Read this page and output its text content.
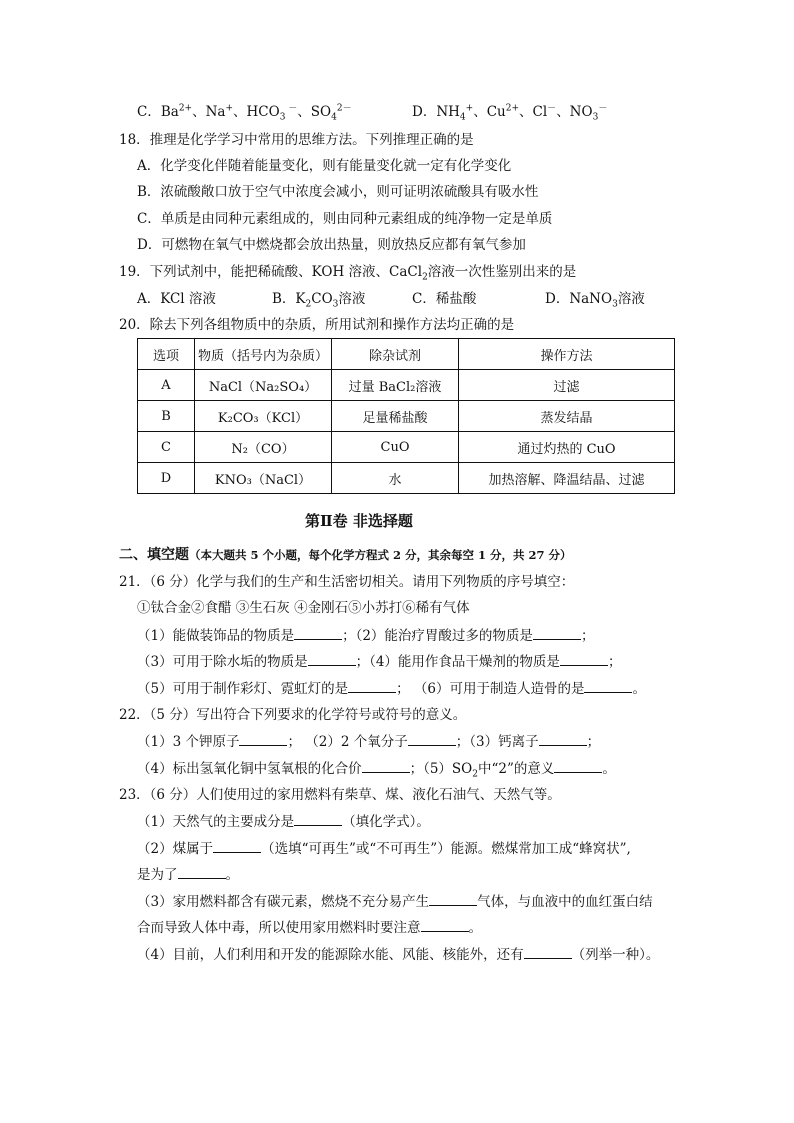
C．$Ba^{2+}$、Na+、$HCO_3$ －、$SO_4^{2-}$	D．$NH_4^+$、$Cu^{2+}$、Cl－、$NO_3^-$
18．推理是化学学习中常用的思维方法。下列推理正确的是
A．化学变化伴随着能量变化，则有能量变化就一定有化学变化
B．浓硫酸敞口放于空气中浓度会减小，则可证明浓硫酸具有吸水性
C．单质是由同种元素组成的，则由同种元素组成的纯净物一定是单质
D．可燃物在氧气中燃烧都会放出热量，则放热反应都有氧气参加
19．下列试剂中，能把稀硫酸、KOH 溶液、CaCl$_2$溶液一次性鉴别出来的是
A．KCl 溶液	B．$K_2CO_3$溶液	C．稀盐酸	D．NaNO$_3$溶液
20．除去下列各组物质中的杂质，所用试剂和操作方法均正确的是
选项	物质（括号内为杂质）	除杂试剂	操作方法
A	NaCl（Na₂SO₄）	过量 BaCl₂溶液	过滤
B	K₂CO₃（KCl）	足量稀盐酸	蒸发结晶
C	N₂（CO）	CuO	通过灼热的 CuO
D	KNO₃（NaCl）	水	加热溶解、降温结晶、过滤
第Ⅱ卷 非选择题
二、填空题（本大题共 5 个小题，每个化学方程式 2 分，其余每空 1 分，共 27 分）
21．（6 分）化学与我们的生产和生活密切相关。请用下列物质的序号填空：
①钛合金②食醋 ③生石灰 ④金刚石⑤小苏打⑥稀有气体
（1）能做装饰品的物质是	；（2）能治疗胃酸过多的物质是	；
（3）可用于除水垢的物质是	；（4）能用作食品干燥剂的物质是	；
（5）可用于制作彩灯、霓虹灯的是	； （6）可用于制造人造骨的是	。
22．（5 分）写出符合下列要求的化学符号或符号的意义。
（1）3 个钾原子	； （2）2 个氧分子	；（3）钙离子	；
（4）标出氢氧化铜中氢氧根的化合价	；$(5)SO_2$中“2”的意义	。
23．（6 分）人们使用过的家用燃料有柴草、煤、液化石油气、天然气等。
（1）天然气的主要成分是	（填化学式）。
（2）煤属于	（选填“可再生”或“不可再生”）能源。燃煤常加工成“蜂窝状”,
是为了	。
（3）家用燃料都含有碳元素，燃烧不充分易产生	气体，与血液中的血红蛋白结
合而导致人体中毒，所以使用家用燃料时要注意	。
（4）目前，人们利用和开发的能源除水能、风能、核能外，还有	（列举一种）。
